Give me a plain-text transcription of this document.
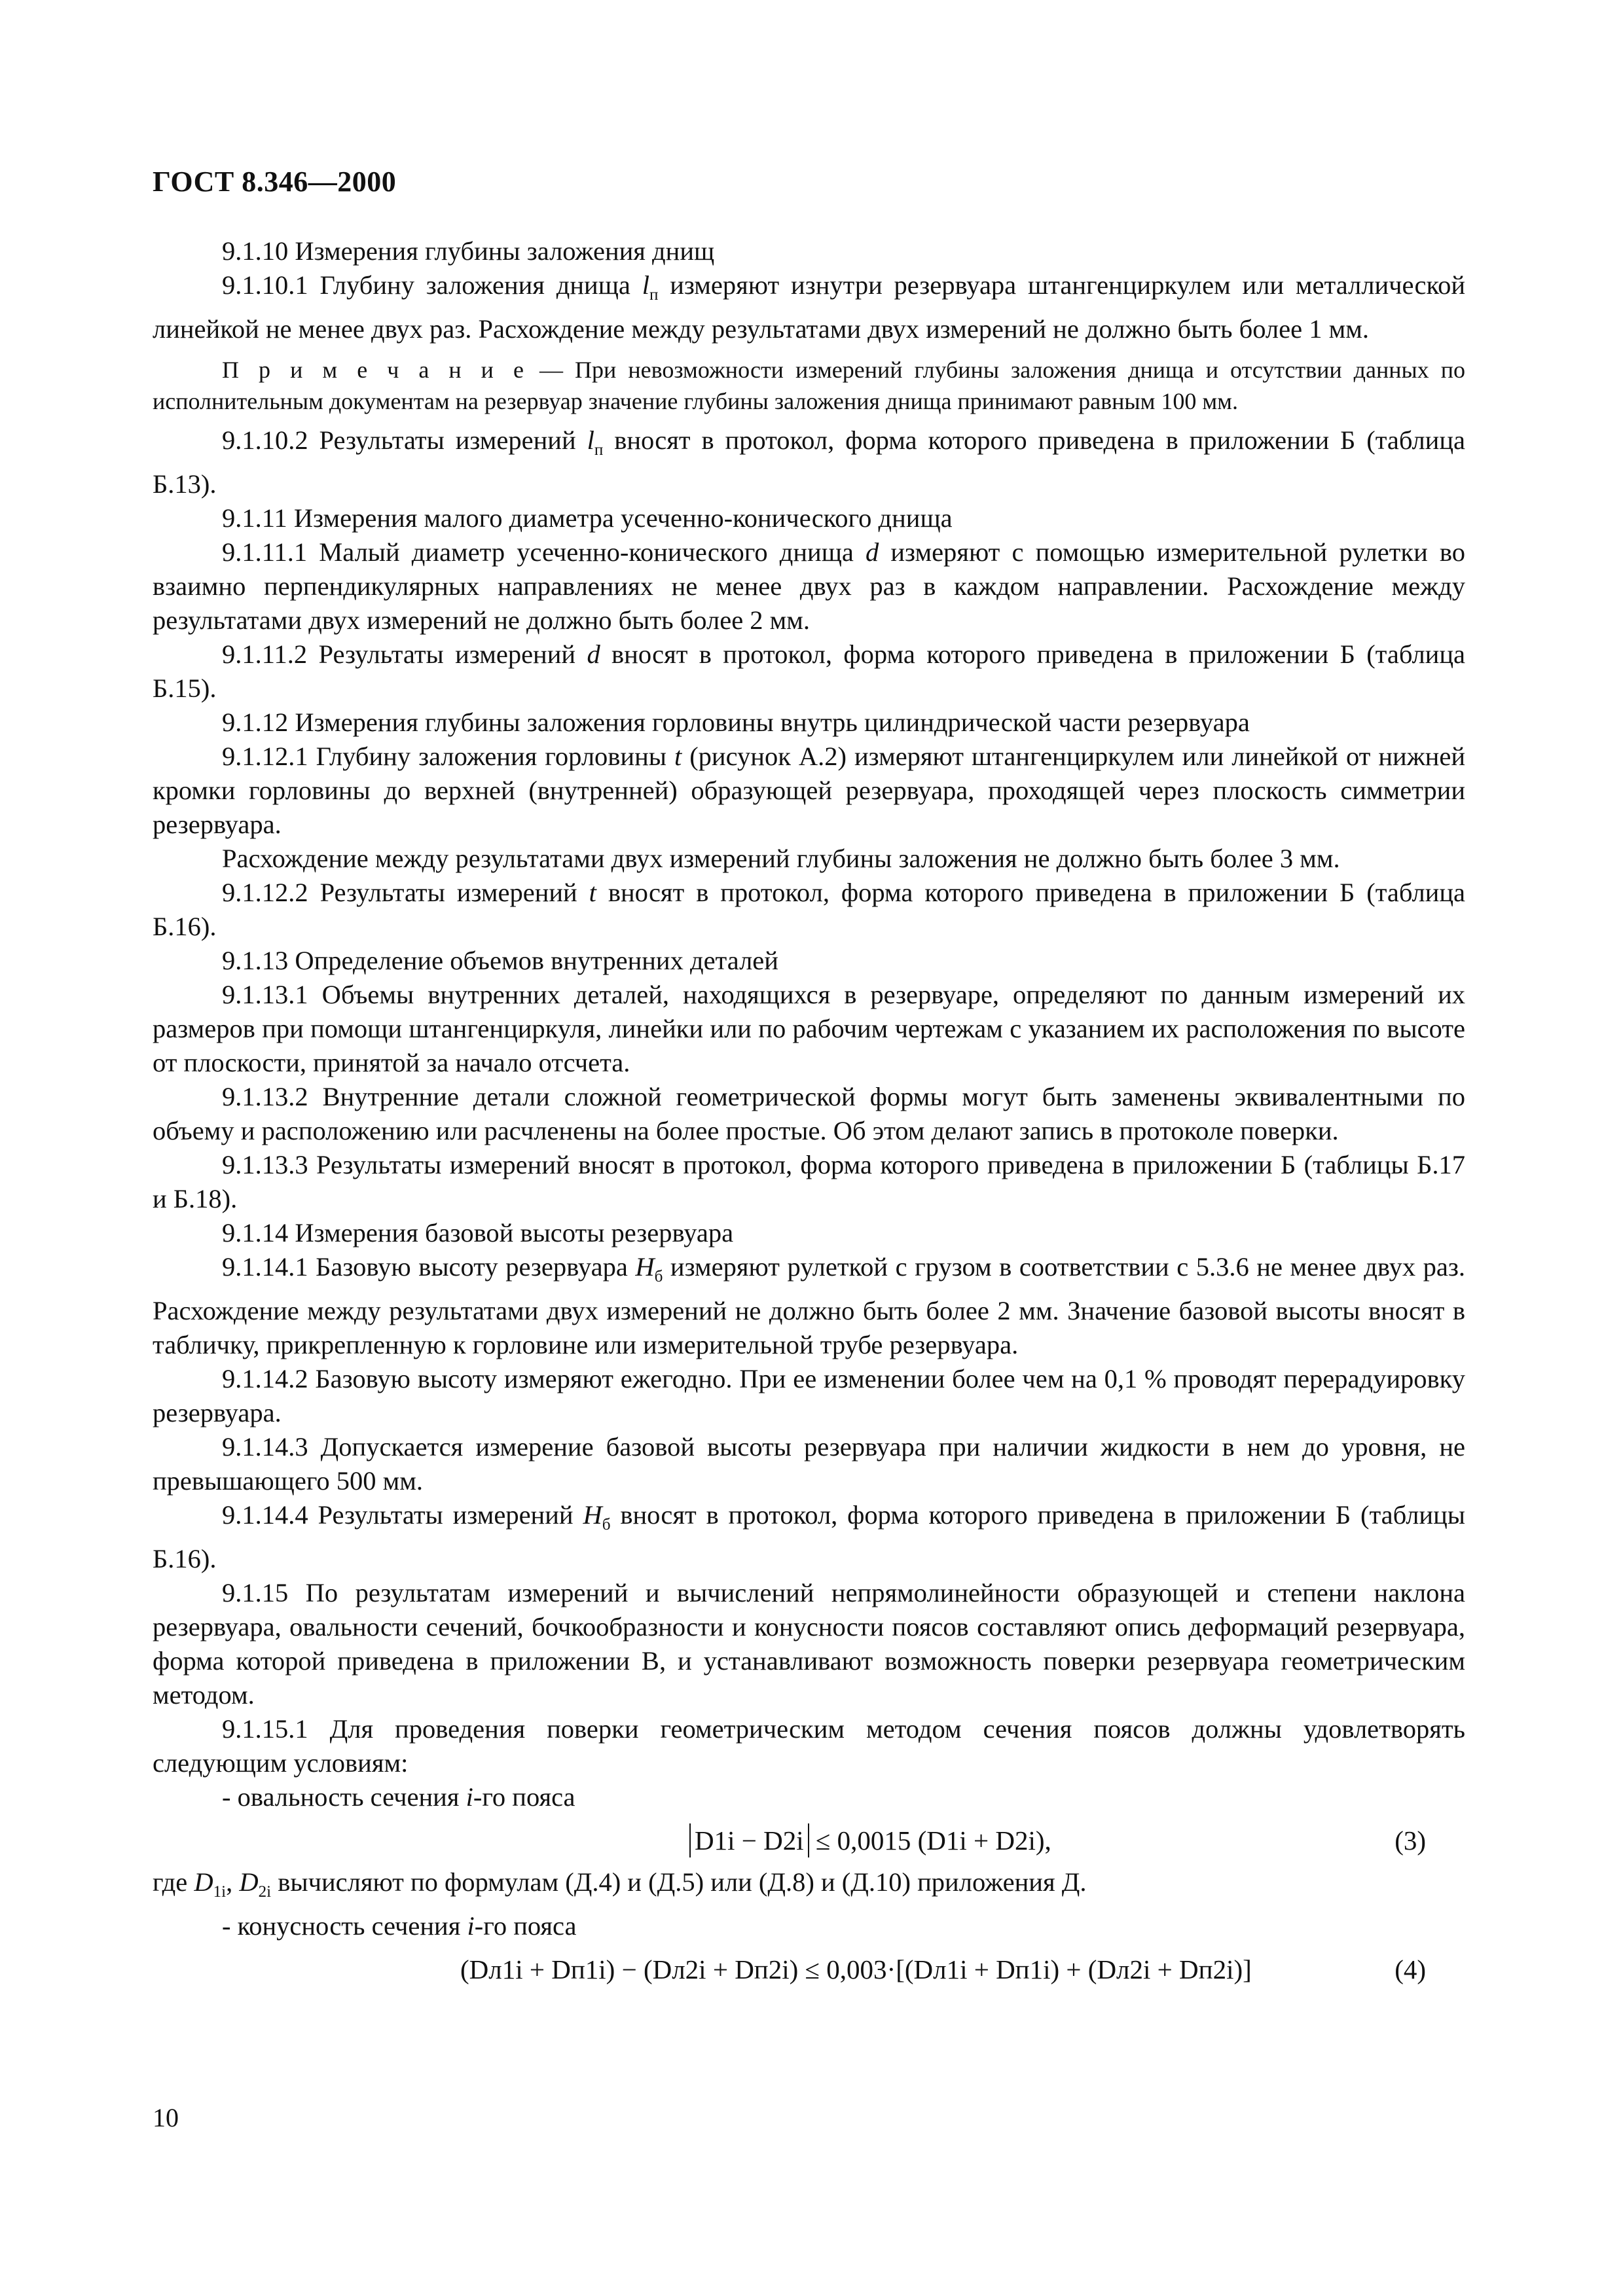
ГОСТ 8.346—2000

9.1.10 Измерения глубины заложения днищ

9.1.10.1 Глубину заложения днища $l_п$ измеряют изнутри резервуара штангенциркулем или металлической линейкой не менее двух раз. Расхождение между результатами двух измерений не должно быть более 1 мм.

П р и м е ч а н и е — При невозможности измерений глубины заложения днища и отсутствии данных по исполнительным документам на резервуар значение глубины заложения днища принимают равным 100 мм.

9.1.10.2 Результаты измерений $l_п$ вносят в протокол, форма которого приведена в приложении Б (таблица Б.13).

9.1.11 Измерения малого диаметра усеченно-конического днища

9.1.11.1 Малый диаметр усеченно-конического днища d измеряют с помощью измерительной рулетки во взаимно перпендикулярных направлениях не менее двух раз в каждом направлении. Расхождение между результатами двух измерений не должно быть более 2 мм.

9.1.11.2 Результаты измерений d вносят в протокол, форма которого приведена в приложении Б (таблица Б.15).

9.1.12 Измерения глубины заложения горловины внутрь цилиндрической части резервуара

9.1.12.1 Глубину заложения горловины t (рисунок А.2) измеряют штангенциркулем или линейкой от нижней кромки горловины до верхней (внутренней) образующей резервуара, проходящей через плоскость симметрии резервуара.

Расхождение между результатами двух измерений глубины заложения не должно быть более 3 мм.

9.1.12.2 Результаты измерений t вносят в протокол, форма которого приведена в приложении Б (таблица Б.16).

9.1.13 Определение объемов внутренних деталей

9.1.13.1 Объемы внутренних деталей, находящихся в резервуаре, определяют по данным измерений их размеров при помощи штангенциркуля, линейки или по рабочим чертежам с указанием их расположения по высоте от плоскости, принятой за начало отсчета.

9.1.13.2 Внутренние детали сложной геометрической формы могут быть заменены эквивалентными по объему и расположению или расчленены на более простые. Об этом делают запись в протоколе поверки.

9.1.13.3 Результаты измерений вносят в протокол, форма которого приведена в приложении Б (таблицы Б.17 и Б.18).

9.1.14 Измерения базовой высоты резервуара

9.1.14.1 Базовую высоту резервуара $H_б$ измеряют рулеткой с грузом в соответствии с 5.3.6 не менее двух раз. Расхождение между результатами двух измерений не должно быть более 2 мм. Значение базовой высоты вносят в табличку, прикрепленную к горловине или измерительной трубе резервуара.

9.1.14.2 Базовую высоту измеряют ежегодно. При ее изменении более чем на 0,1 % проводят перерадуировку резервуара.

9.1.14.3 Допускается измерение базовой высоты резервуара при наличии жидкости в нем до уровня, не превышающего 500 мм.

9.1.14.4 Результаты измерений $H_б$ вносят в протокол, форма которого приведена в приложении Б (таблицы Б.16).

9.1.15 По результатам измерений и вычислений непрямолинейности образующей и степени наклона резервуара, овальности сечений, бочкообразности и конусности поясов составляют опись деформаций резервуара, форма которой приведена в приложении В, и устанавливают возможность поверки резервуара геометрическим методом.

9.1.15.1 Для проведения поверки геометрическим методом сечения поясов должны удовлетворять следующим условиям:

- овальность сечения i-го пояса

D1i − D2i ≤ 0,0015 (D1i + D2i),	(3)

где $D_{1i}$, $D_{2i}$ вычисляют по формулам (Д.4) и (Д.5) или (Д.8) и (Д.10) приложения Д.

- конусность сечения i-го пояса

(Dл1i + Dп1i) − (Dл2i + Dп2i) ≤ 0,003·[(Dл1i + Dп1i) + (Dл2i + Dп2i)]	(4)
10
